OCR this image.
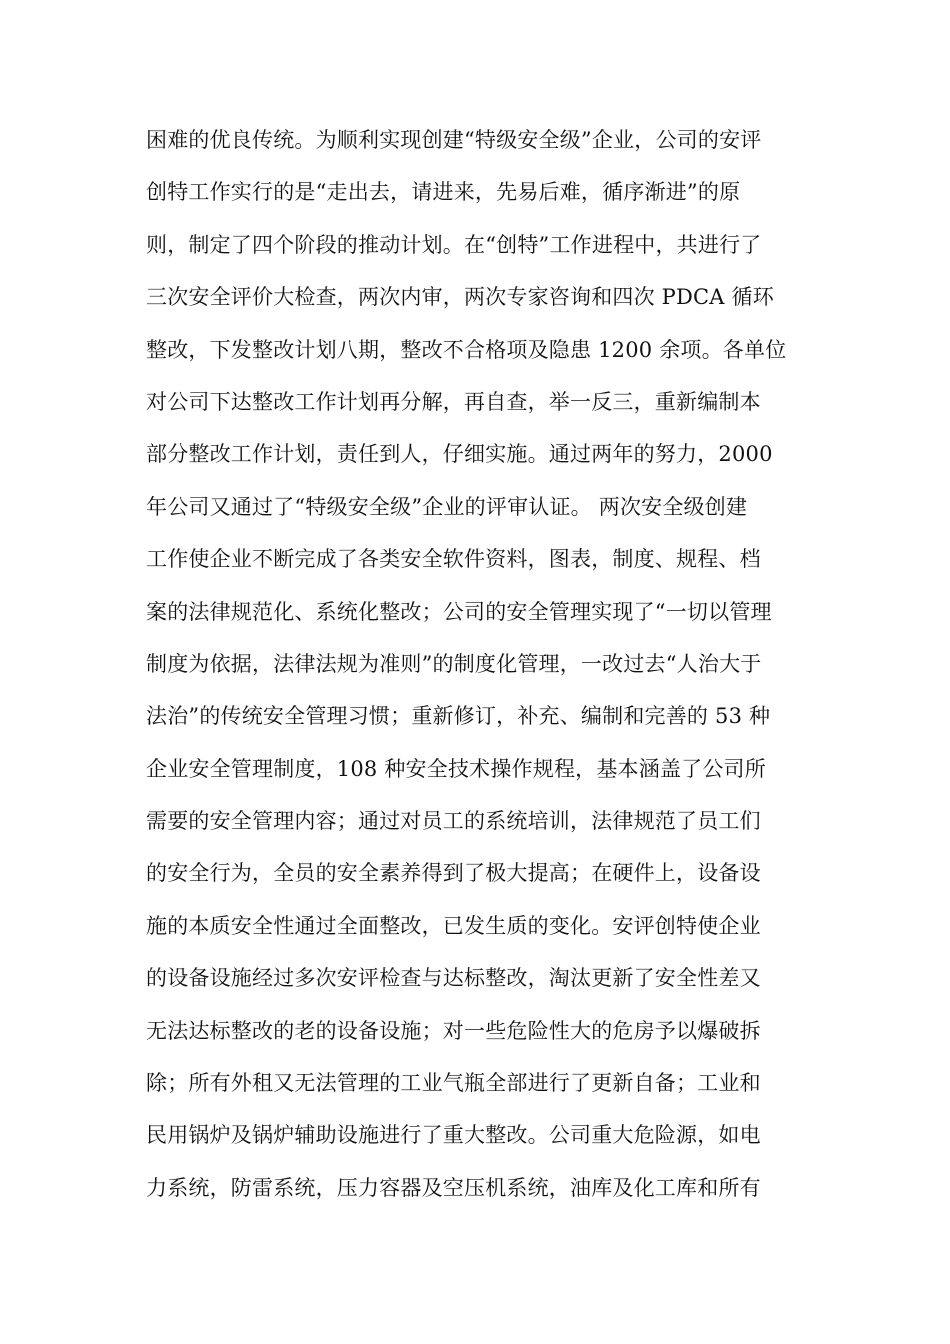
困难的优良传统。为顺利实现创建“特级安全级”企业，公司的安评
创特工作实行的是“走出去，请进来，先易后难，循序渐进”的原
则，制定了四个阶段的推动计划。在“创特”工作进程中，共进行了
三次安全评价大检查，两次内审，两次专家咨询和四次 PDCA 循环
整改，下发整改计划八期，整改不合格项及隐患 1200 余项。各单位
对公司下达整改工作计划再分解，再自查，举一反三，重新编制本
部分整改工作计划，责任到人，仔细实施。通过两年的努力，2000
年公司又通过了“特级安全级”企业的评审认证。 两次安全级创建
工作使企业不断完成了各类安全软件资料，图表，制度、规程、档
案的法律规范化、系统化整改；公司的安全管理实现了“一切以管理
制度为依据，法律法规为准则”的制度化管理，一改过去“人治大于
法治”的传统安全管理习惯；重新修订，补充、编制和完善的 53 种
企业安全管理制度，108 种安全技术操作规程，基本涵盖了公司所
需要的安全管理内容；通过对员工的系统培训，法律规范了员工们
的安全行为，全员的安全素养得到了极大提高；在硬件上，设备设
施的本质安全性通过全面整改，已发生质的变化。安评创特使企业
的设备设施经过多次安评检查与达标整改，淘汰更新了安全性差又
无法达标整改的老的设备设施；对一些危险性大的危房予以爆破拆
除；所有外租又无法管理的工业气瓶全部进行了更新自备；工业和
民用锅炉及锅炉辅助设施进行了重大整改。公司重大危险源，如电
力系统，防雷系统，压力容器及空压机系统，油库及化工库和所有
